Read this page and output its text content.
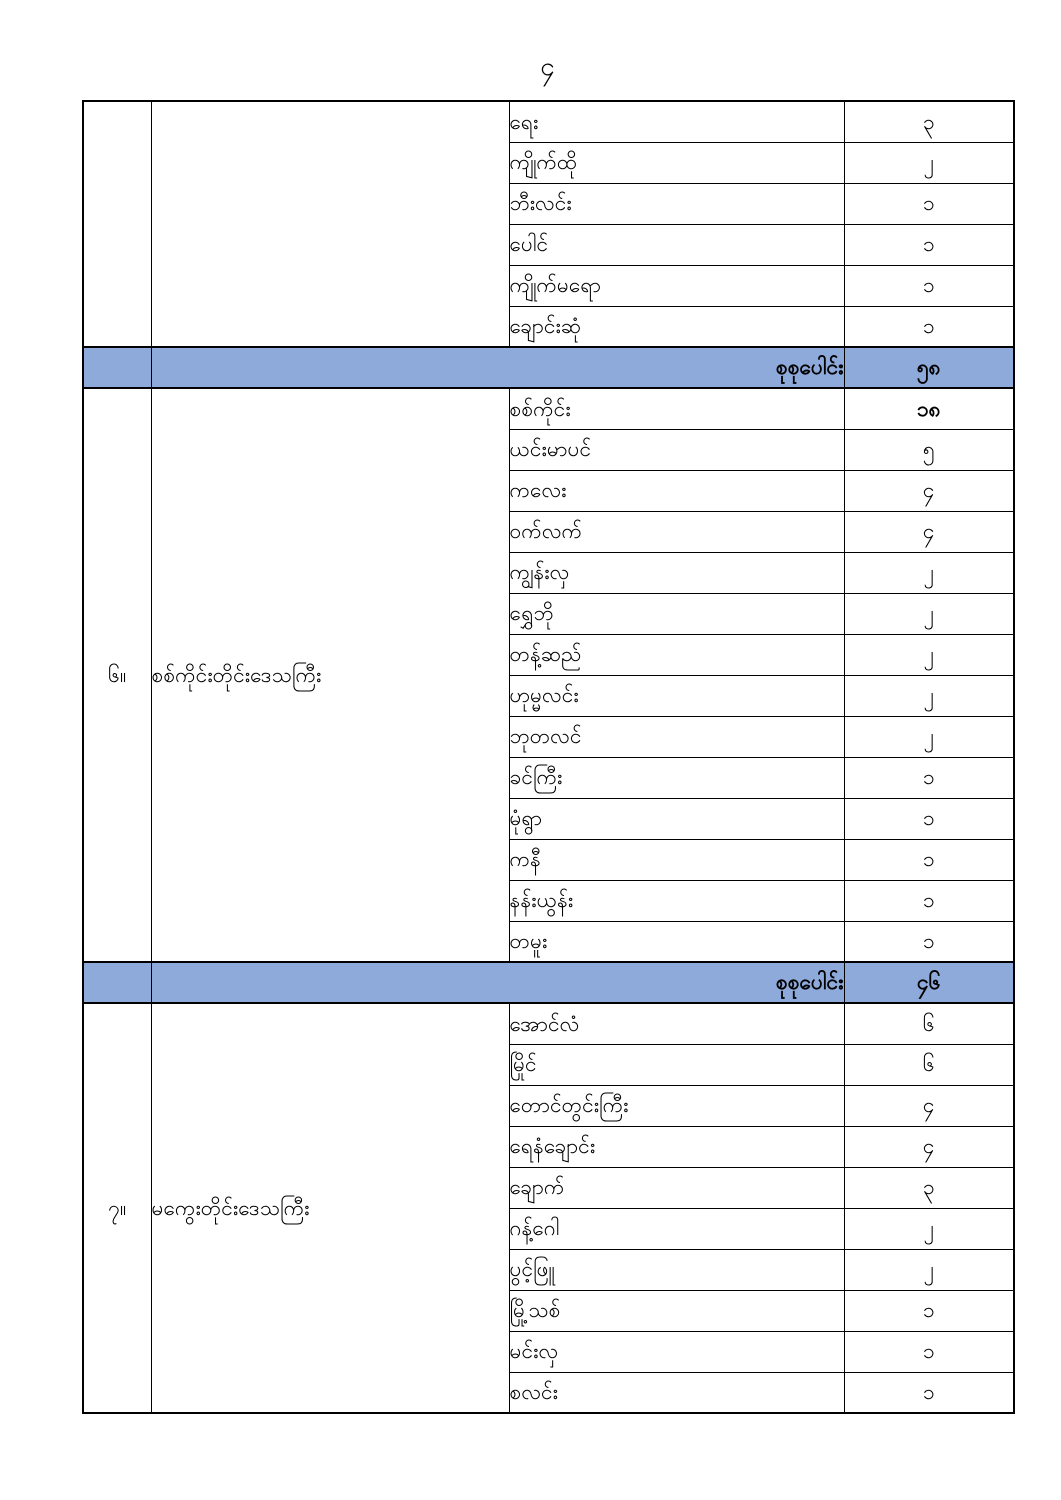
၄
		ရေး	၃
		ကျိုက်ထို	၂
		ဘီးလင်း	၁
		ပေါင်	၁
		ကျိုက်မရော	၁
		ချောင်းဆုံ	၁
	စုစုပေါင်း		၅၈
၆။	စစ်ကိုင်းတိုင်းဒေသကြီး	စစ်ကိုင်း	၁၈
		ယင်းမာပင်	၅
		ကလေး	၄
		ဝက်လက်	၄
		ကျွန်းလှ	၂
		ရွှေဘို	၂
		တန့်ဆည်	၂
		ဟုမ္မလင်း	၂
		ဘုတလင်	၂
		ခင်ကြီး	၁
		မုံရွာ	၁
		ကနီ	၁
		နန်းယွန်း	၁
		တမူး	၁
	စုစုပေါင်း		၄၆
၇။	မကွေးတိုင်းဒေသကြီး	အောင်လံ	၆
		မြိုင်	၆
		တောင်တွင်းကြီး	၄
		ရေနံချောင်း	၄
		ချောက်	၃
		ဂန့်ဂေါ	၂
		ပွင့်ဖြူ	၂
		မြို့သစ်	၁
		မင်းလှ	၁
		စလင်း	၁
